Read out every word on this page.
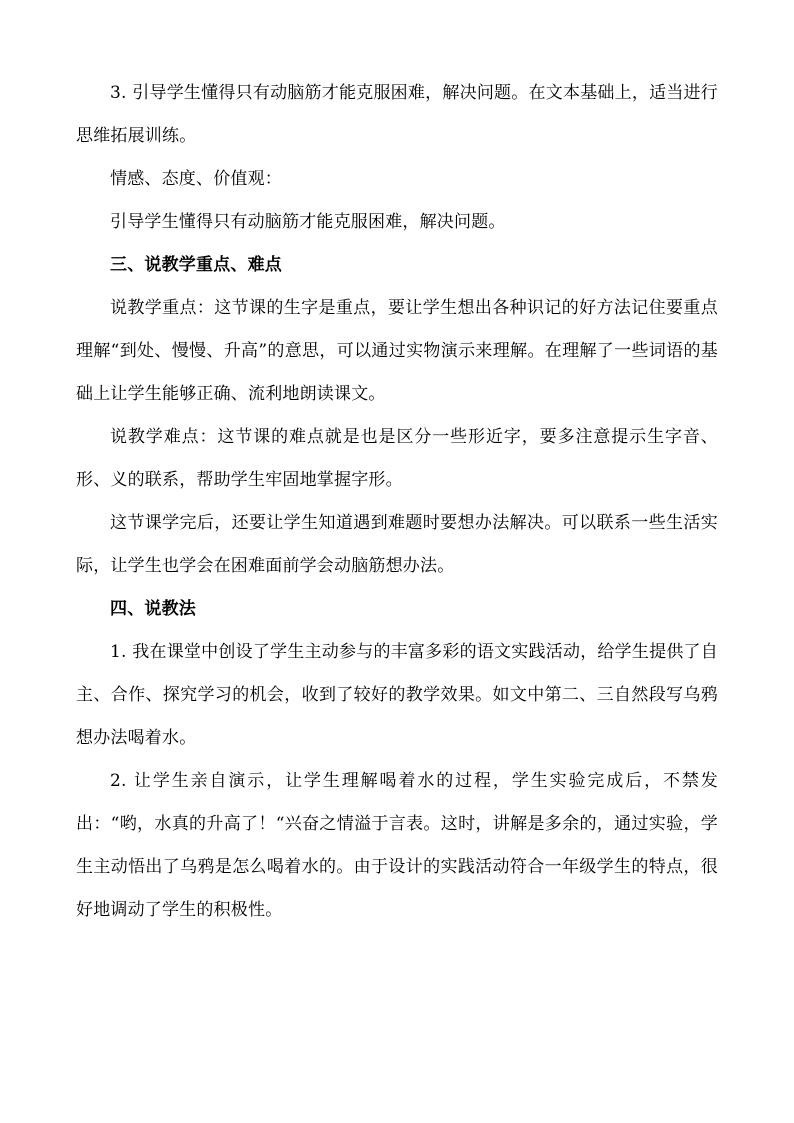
3. 引导学生懂得只有动脑筋才能克服困难，解决问题。在文本基础上，适当进行思维拓展训练。

情感、态度、价值观：

引导学生懂得只有动脑筋才能克服困难，解决问题。

三、说教学重点、难点

说教学重点：这节课的生字是重点，要让学生想出各种识记的好方法记住要重点理解“到处、慢慢、升高”的意思，可以通过实物演示来理解。在理解了一些词语的基础上让学生能够正确、流利地朗读课文。

说教学难点：这节课的难点就是也是区分一些形近字，要多注意提示生字音、形、义的联系，帮助学生牢固地掌握字形。

这节课学完后，还要让学生知道遇到难题时要想办法解决。可以联系一些生活实际，让学生也学会在困难面前学会动脑筋想办法。

四、说教法

1. 我在课堂中创设了学生主动参与的丰富多彩的语文实践活动，给学生提供了自主、合作、探究学习的机会，收到了较好的教学效果。如文中第二、三自然段写乌鸦想办法喝着水。

2. 让学生亲自演示，让学生理解喝着水的过程，学生实验完成后，不禁发出：“哟，水真的升高了！“兴奋之情溢于言表。这时，讲解是多余的，通过实验，学生主动悟出了乌鸦是怎么喝着水的。由于设计的实践活动符合一年级学生的特点，很好地调动了学生的积极性。
